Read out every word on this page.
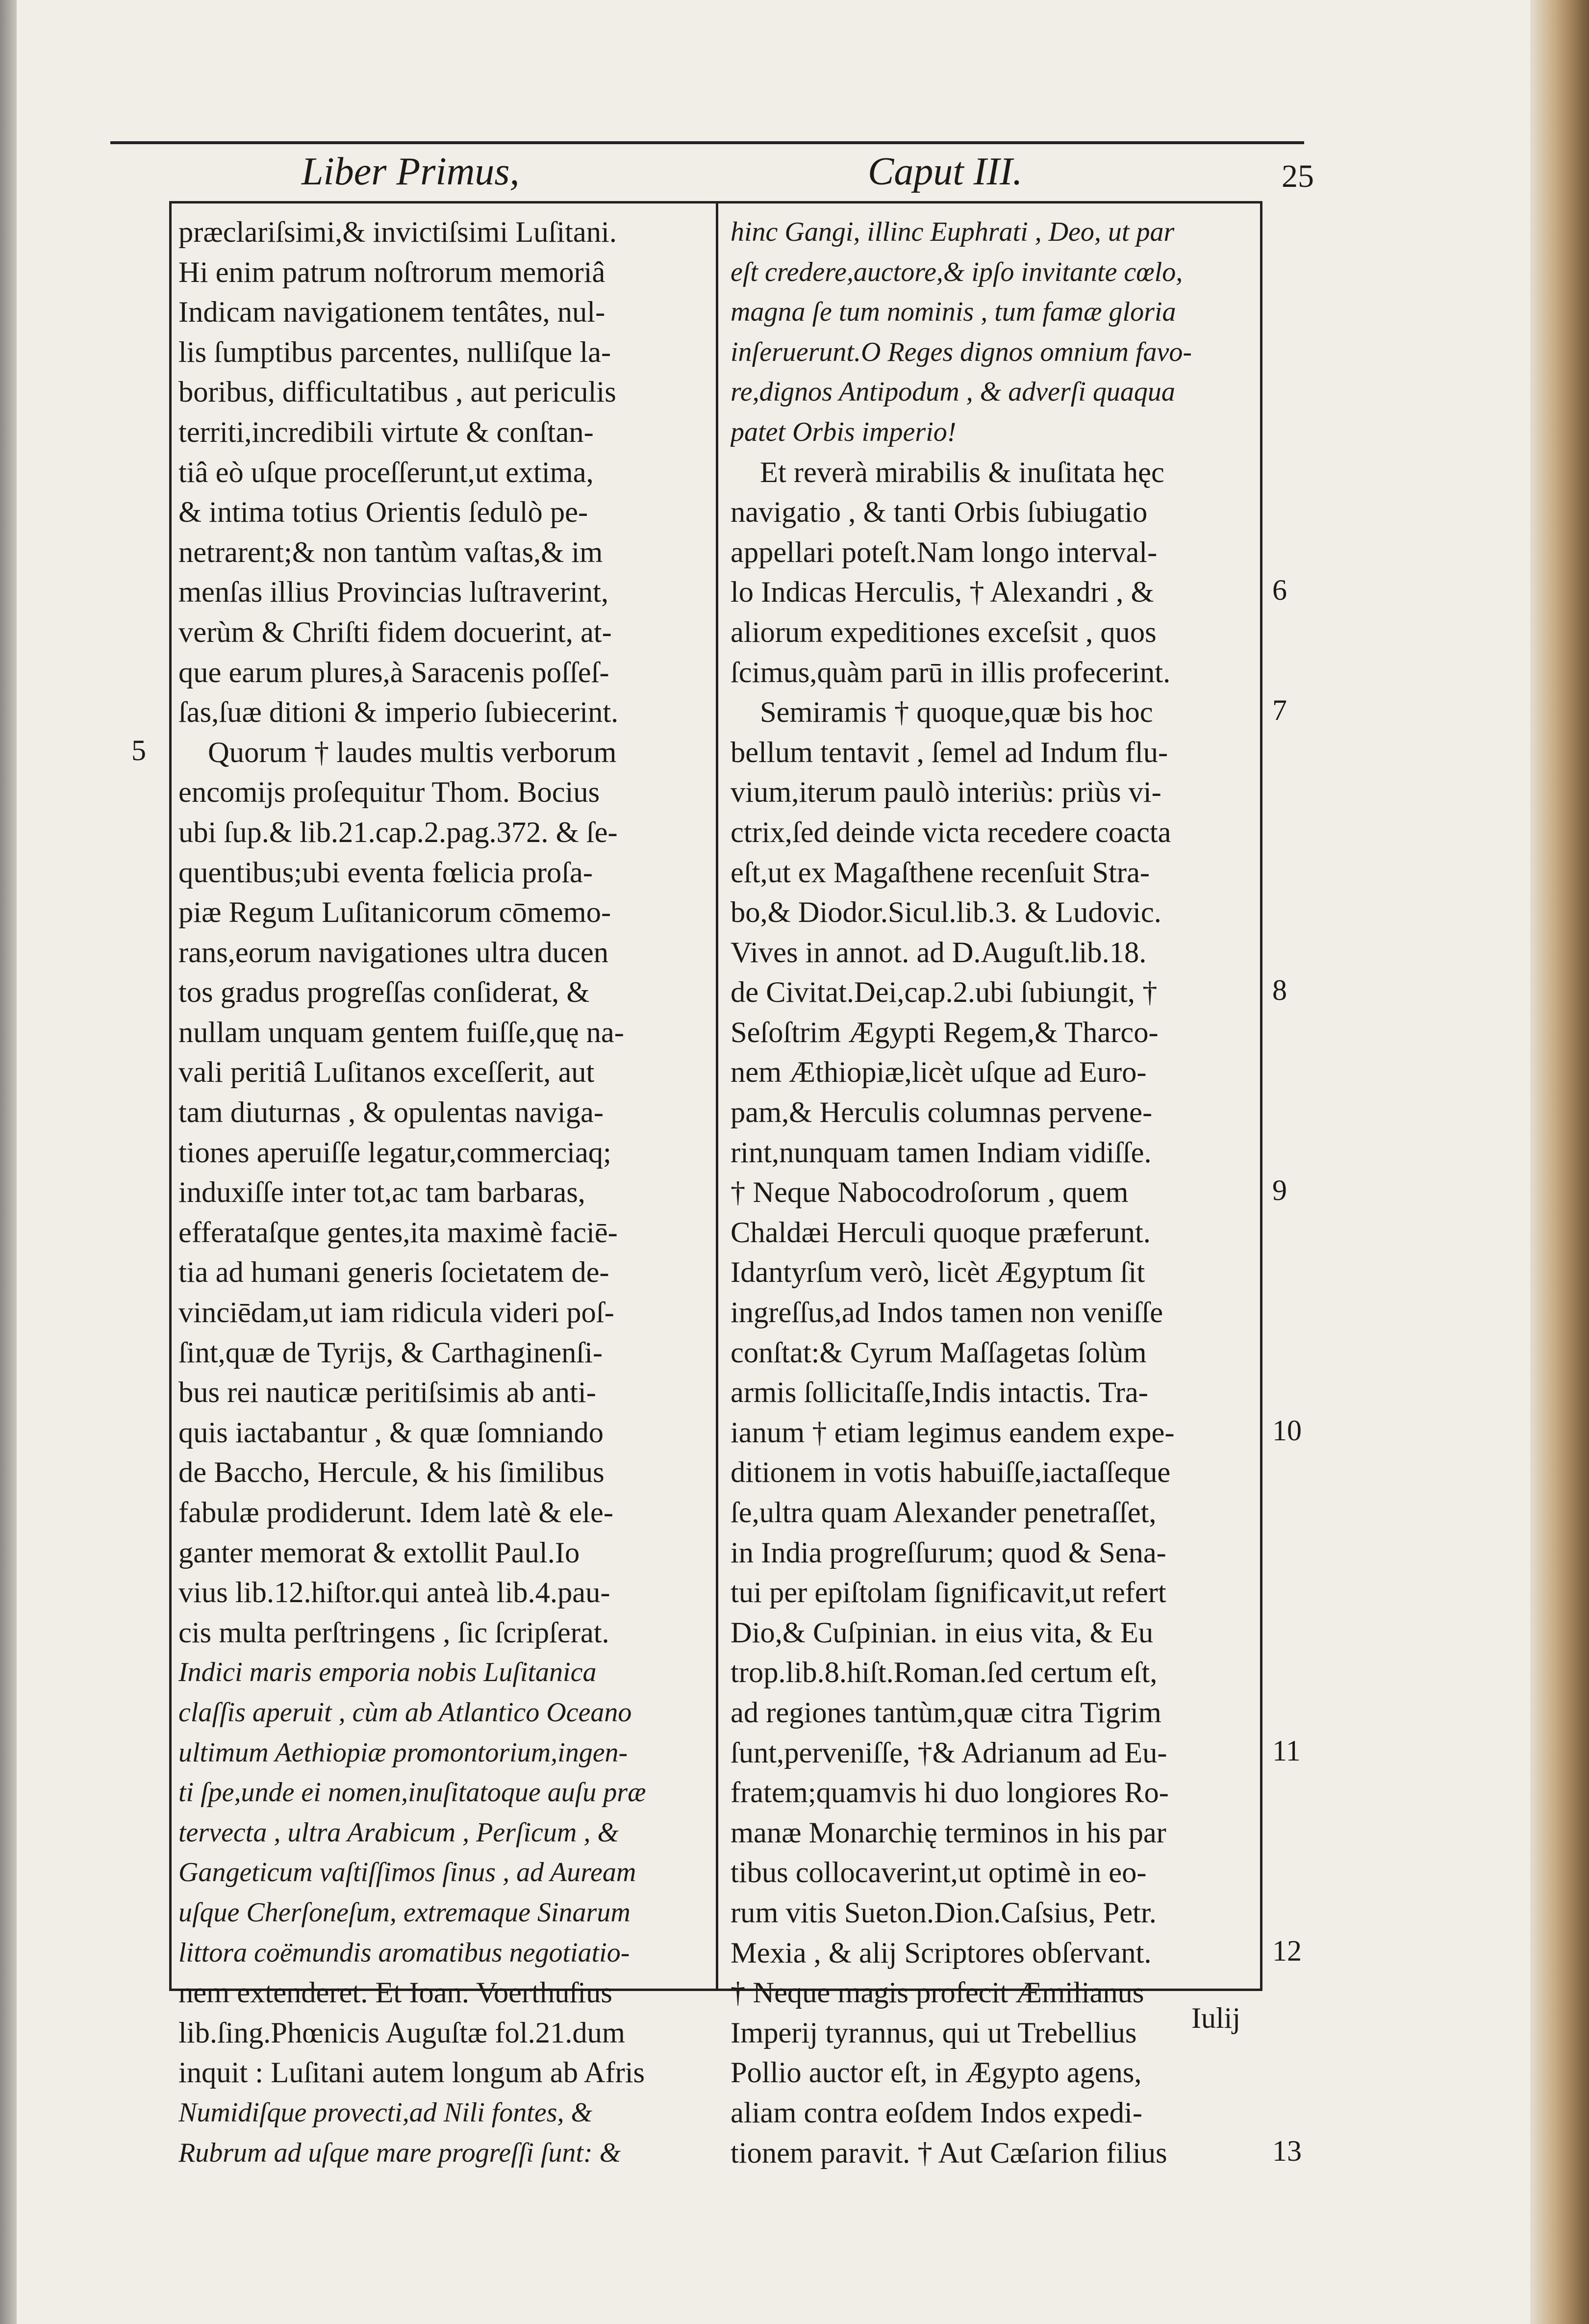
Liber Primus,	Caput III.	25
præclariſsimi,& invictiſsimi Luſitani.
Hi enim patrum noſtrorum memoriâ
Indicam navigationem tentâtes, nul-
lis ſumptibus parcentes, nulliſque la-
boribus, difficultatibus , aut periculis
territi,incredibili virtute & conſtan-
tiâ eò uſque proceſſerunt,ut extima,
& intima totius Orientis ſedulò pe-
netrarent;& non tantùm vaſtas,& im
menſas illius Provincias luſtraverint,
verùm & Chriſti fidem docuerint, at-
que earum plures,à Saracenis poſſeſ-
ſas,ſuæ ditioni & imperio ſubiecerint.
Quorum † laudes multis verborum
encomijs proſequitur Thom. Bocius
ubi ſup.& lib.21.cap.2.pag.372. & ſe-
quentibus;ubi eventa fœlicia proſa-
piæ Regum Luſitanicorum cōmemo-
rans,eorum navigationes ultra ducen
tos gradus progreſſas conſiderat, &
nullam unquam gentem fuiſſe,quę na-
vali peritiâ Luſitanos exceſſerit, aut
tam diuturnas , & opulentas naviga-
tiones aperuiſſe legatur,commerciaq;
induxiſſe inter tot,ac tam barbaras,
efferataſque gentes,ita maximè faciē-
tia ad humani generis ſocietatem de-
vinciēdam,ut iam ridicula videri poſ-
ſint,quæ de Tyrijs, & Carthaginenſi-
bus rei nauticæ peritiſsimis ab anti-
quis iactabantur , & quæ ſomniando
de Baccho, Hercule, & his ſimilibus
fabulæ prodiderunt. Idem latè & ele-
ganter memorat & extollit Paul.Io
vius lib.12.hiſtor.qui anteà lib.4.pau-
cis multa perſtringens , ſic ſcripſerat.
Indici maris emporia nobis Luſitanica
claſſis aperuit , cùm ab Atlantico Oceano
ultimum Aethiopiæ promontorium,ingen-
ti ſpe,unde ei nomen,inuſitatoque auſu præ
tervecta , ultra Arabicum , Perſicum , &
Gangeticum vaſtiſſimos ſinus , ad Auream
uſque Cherſoneſum, extremaque Sinarum
littora coëmundis aromatibus negotiatio-
nem extenderet. Et Ioan. Voerthuſius
lib.ſing.Phœnicis Auguſtæ fol.21.dum
inquit : Luſitani autem longum ab Afris
Numidiſque provecti,ad Nili fontes, &
Rubrum ad uſque mare progreſſi ſunt: &
hinc Gangi, illinc Euphrati , Deo, ut par
eſt credere,auctore,& ipſo invitante cœlo,
magna ſe tum nominis , tum famæ gloria
inſeruerunt.O Reges dignos omnium favo-
re,dignos Antipodum , & adverſi quaqua
patet Orbis imperio!
Et reverà mirabilis & inuſitata hęc
navigatio , & tanti Orbis ſubiugatio
appellari poteſt.Nam longo interval-
lo Indicas Herculis, † Alexandri , &
aliorum expeditiones exceſsit , quos
ſcimus,quàm parū in illis profecerint.
Semiramis † quoque,quæ bis hoc
bellum tentavit , ſemel ad Indum flu-
vium,iterum paulò interiùs: priùs vi-
ctrix,ſed deinde victa recedere coacta
eſt,ut ex Magaſthene recenſuit Stra-
bo,& Diodor.Sicul.lib.3. & Ludovic.
Vives in annot. ad D.Auguſt.lib.18.
de Civitat.Dei,cap.2.ubi ſubiungit, †
Seſoſtrim Ægypti Regem,& Tharco-
nem Æthiopiæ,licèt uſque ad Euro-
pam,& Herculis columnas pervene-
rint,nunquam tamen Indiam vidiſſe.
† Neque Nabocodroſorum , quem
Chaldæi Herculi quoque præferunt.
Idantyrſum verò, licèt Ægyptum ſit
ingreſſus,ad Indos tamen non veniſſe
conſtat:& Cyrum Maſſagetas ſolùm
armis ſollicitaſſe,Indis intactis. Tra-
ianum † etiam legimus eandem expe-
ditionem in votis habuiſſe,iactaſſeque
ſe,ultra quam Alexander penetraſſet,
in India progreſſurum; quod & Sena-
tui per epiſtolam ſignificavit,ut refert
Dio,& Cuſpinian. in eius vita, & Eu
trop.lib.8.hiſt.Roman.ſed certum eſt,
ad regiones tantùm,quæ citra Tigrim
ſunt,perveniſſe, †& Adrianum ad Eu-
fratem;quamvis hi duo longiores Ro-
manæ Monarchię terminos in his par
tibus collocaverint,ut optimè in eo-
rum vitis Sueton.Dion.Caſsius, Petr.
Mexia , & alij Scriptores obſervant.
† Neque magis profecit Æmilianus
Imperij tyrannus, qui ut Trebellius
Pollio auctor eſt, in Ægypto agens,
aliam contra eoſdem Indos expedi-
tionem paravit. † Aut Cæſarion filius
5
6
7
8
9
10
11
12
13
Iulij
